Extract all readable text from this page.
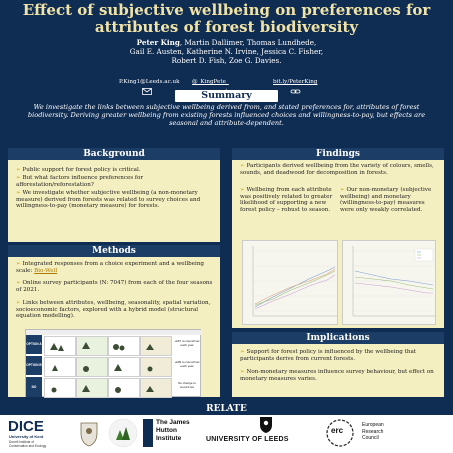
Effect of subjective wellbeing on preferences for
attributes of forest biodiversity
Peter King, Martin Dallimer, Thomas Lundhede,
Gail E. Austen, Katherine N. Irvine, Jessica C. Fisher,
Robert D. Fish, Zoe G. Davies.
P.King1@Leeds.ac.uk @_KingPete_	bit.ly/PeterKing
Summary
We investigate the links between subjective wellbeing derived from, and stated preferences for, attributes of forest biodiversity. Deriving greater wellbeing from existing forests influenced choices and willingness-to-pay, but effects are seasonal and attribute-dependent.
Background
➢ Public support for forest policy is critical.
➢ But what factors influence preferences for afforestation/reforestation?
➢ We investigate whether subjective wellbeing (a non-monetary measure) derived from forests was related to survey choices and willingness-to-pay (monetary measure) for forests.
Methods
➢ Integrated responses from a choice experiment and a wellbeing scale: Bio-Well
➢ Online survey participants (N: 7047) from each of the four seasons of 2021.
➢ Links between attributes, wellbeing, seasonality, spatial variation, socioeconomic factors, explored with a hybrid model (structural equation modelling).
OPTION A
OPTION B
NO
+£67 to council tax each year
+£99 to council tax each year
No change to council tax
Findings
➢ Participants derived wellbeing from the variety of colours, smells, sounds, and deadwood for decomposition in forests.
➢ Wellbeing from each attribute was positively related to greater likelihood of supporting a new forest policy – robust to season.
➢ Our non-monetary (subjective wellbeing) and monetary (willingness-to-pay) measures were only weakly correlated.
Implications
➢ Support for forest policy is influenced by the wellbeing that participants derive from current forests.
➢ Non-monetary measures influence survey behaviour, but effect on monetary measures varies.
RELATE
DICE
University of Kent
Durrell Institute of
Conservation and Ecology
The James
Hutton
Institute	UNIVERSITY OF LEEDS
erc
European
Research
Council
